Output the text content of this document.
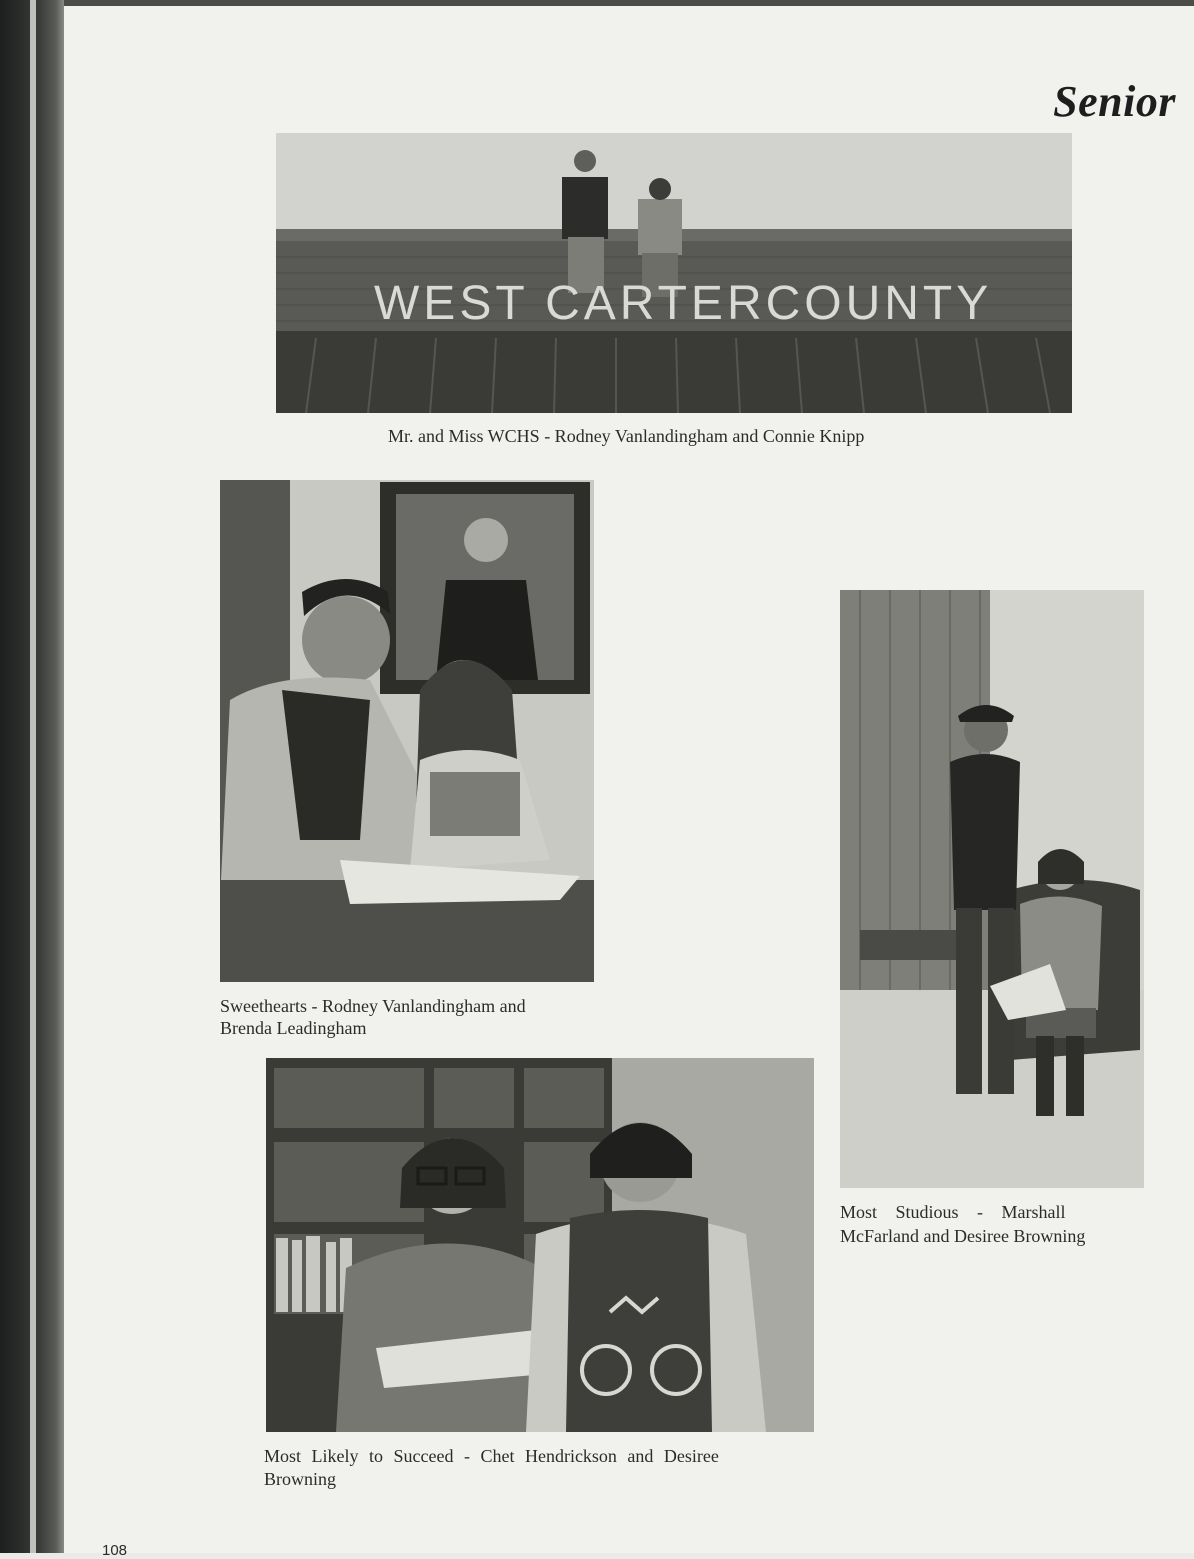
Senior
WEST CARTERCOUNTY

Mr. and Miss WCHS - Rodney Vanlandingham and Connie Knipp

Sweethearts - Rodney Vanlandingham and

Brenda Leadingham

Most Studious - Marshall

McFarland and Desiree Browning

Most Likely to Succeed - Chet Hendrickson and Desiree

Browning

108
